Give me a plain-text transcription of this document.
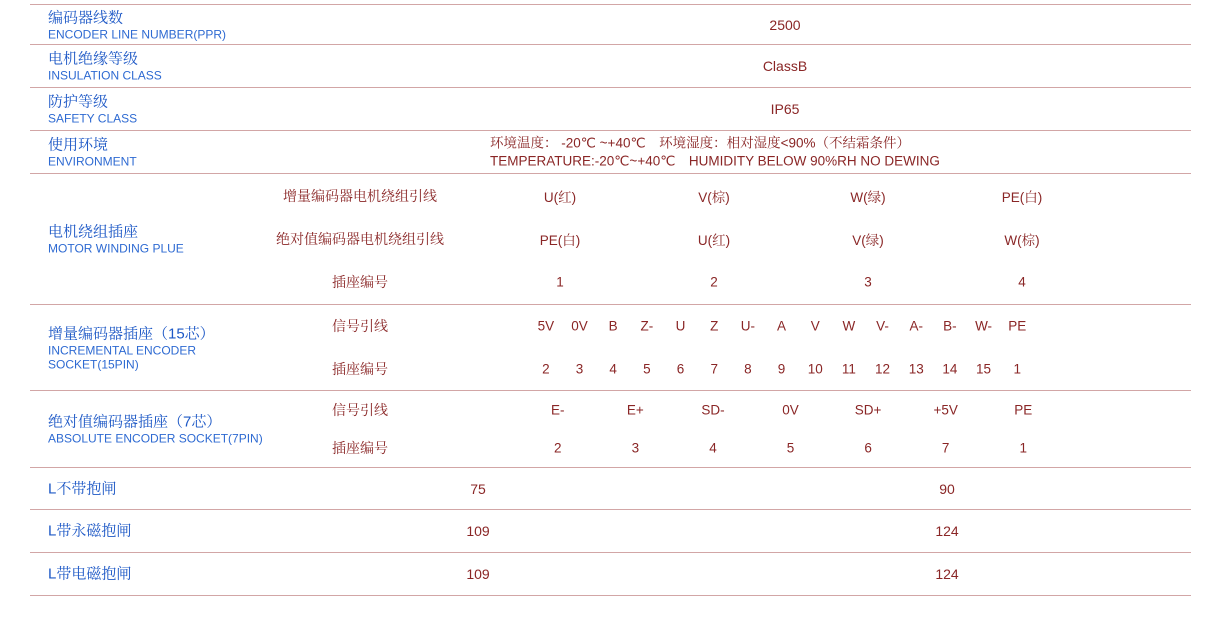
编码器线数
ENCODER LINE NUMBER(PPR)
2500
电机绝缘等级
INSULATION CLASS
ClassB
防护等级
SAFETY CLASS
IP65
使用环境
ENVIRONMENT
环境温度： -20℃ ~+40℃　环境湿度：相对湿度<90%（不结霜条件）
TEMPERATURE:-20℃~+40℃　HUMIDITY BELOW 90%RH NO DEWING
电机绕组插座
MOTOR WINDING PLUE
增量编码器电机绕组引线	U(红)	V(棕)	W(绿)	PE(白)
绝对值编码器电机绕组引线	PE(白)	U(红)	V(绿)	W(棕)
插座编号	1	2	3	4
增量编码器插座（15芯）
INCREMENTAL ENCODER
SOCKET(15PIN)
信号引线	5V	0V	B	Z-	U	Z	U-	A	V	W	V-	A-	B-	W-	PE
插座编号	2	3	4	5	6	7	8	9	10	11	12	13	14	15	1
绝对值编码器插座（7芯）
ABSOLUTE ENCODER SOCKET(7PIN)
信号引线	E-	E+	SD-	0V	SD+	+5V	PE
插座编号	2	3	4	5	6	7	1
L不带抱闸	75	90
L带永磁抱闸	109	124
L带电磁抱闸	109	124
